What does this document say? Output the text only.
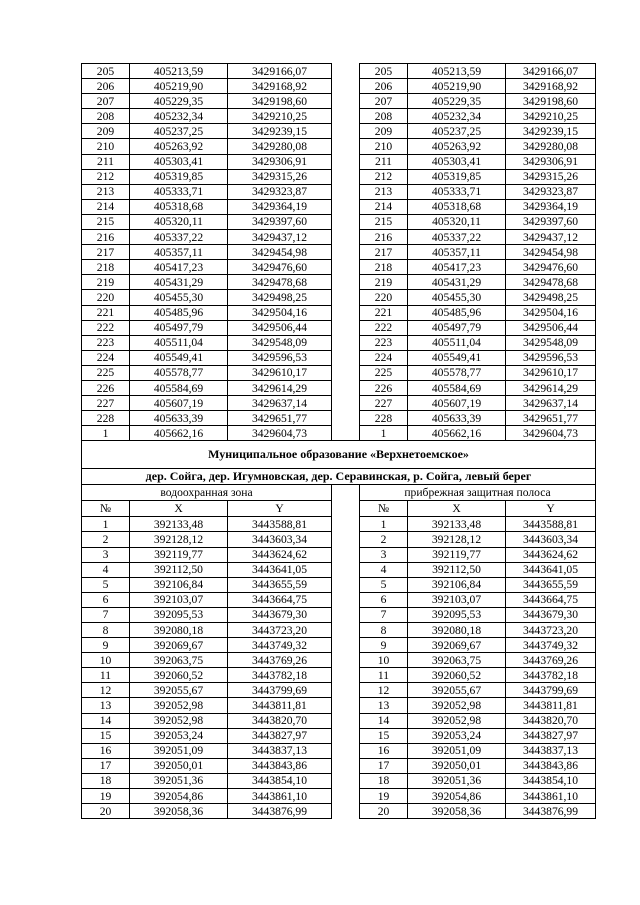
205	405213,59	3429166,07		205	405213,59	3429166,07
206	405219,90	3429168,92		206	405219,90	3429168,92
207	405229,35	3429198,60		207	405229,35	3429198,60
208	405232,34	3429210,25		208	405232,34	3429210,25
209	405237,25	3429239,15		209	405237,25	3429239,15
210	405263,92	3429280,08		210	405263,92	3429280,08
211	405303,41	3429306,91		211	405303,41	3429306,91
212	405319,85	3429315,26		212	405319,85	3429315,26
213	405333,71	3429323,87		213	405333,71	3429323,87
214	405318,68	3429364,19		214	405318,68	3429364,19
215	405320,11	3429397,60		215	405320,11	3429397,60
216	405337,22	3429437,12		216	405337,22	3429437,12
217	405357,11	3429454,98		217	405357,11	3429454,98
218	405417,23	3429476,60		218	405417,23	3429476,60
219	405431,29	3429478,68		219	405431,29	3429478,68
220	405455,30	3429498,25		220	405455,30	3429498,25
221	405485,96	3429504,16		221	405485,96	3429504,16
222	405497,79	3429506,44		222	405497,79	3429506,44
223	405511,04	3429548,09		223	405511,04	3429548,09
224	405549,41	3429596,53		224	405549,41	3429596,53
225	405578,77	3429610,17		225	405578,77	3429610,17
226	405584,69	3429614,29		226	405584,69	3429614,29
227	405607,19	3429637,14		227	405607,19	3429637,14
228	405633,39	3429651,77		228	405633,39	3429651,77
1	405662,16	3429604,73		1	405662,16	3429604,73
Муниципальное образование «Верхнетоемское»						
дер. Сойга, дер. Игумновская, дер. Серавинская, р. Сойга, левый берег						
водоохранная зона				прибрежная защитная полоса		
№	X	Y		№	X	Y
1	392133,48	3443588,81		1	392133,48	3443588,81
2	392128,12	3443603,34		2	392128,12	3443603,34
3	392119,77	3443624,62		3	392119,77	3443624,62
4	392112,50	3443641,05		4	392112,50	3443641,05
5	392106,84	3443655,59		5	392106,84	3443655,59
6	392103,07	3443664,75		6	392103,07	3443664,75
7	392095,53	3443679,30		7	392095,53	3443679,30
8	392080,18	3443723,20		8	392080,18	3443723,20
9	392069,67	3443749,32		9	392069,67	3443749,32
10	392063,75	3443769,26		10	392063,75	3443769,26
11	392060,52	3443782,18		11	392060,52	3443782,18
12	392055,67	3443799,69		12	392055,67	3443799,69
13	392052,98	3443811,81		13	392052,98	3443811,81
14	392052,98	3443820,70		14	392052,98	3443820,70
15	392053,24	3443827,97		15	392053,24	3443827,97
16	392051,09	3443837,13		16	392051,09	3443837,13
17	392050,01	3443843,86		17	392050,01	3443843,86
18	392051,36	3443854,10		18	392051,36	3443854,10
19	392054,86	3443861,10		19	392054,86	3443861,10
20	392058,36	3443876,99		20	392058,36	3443876,99
